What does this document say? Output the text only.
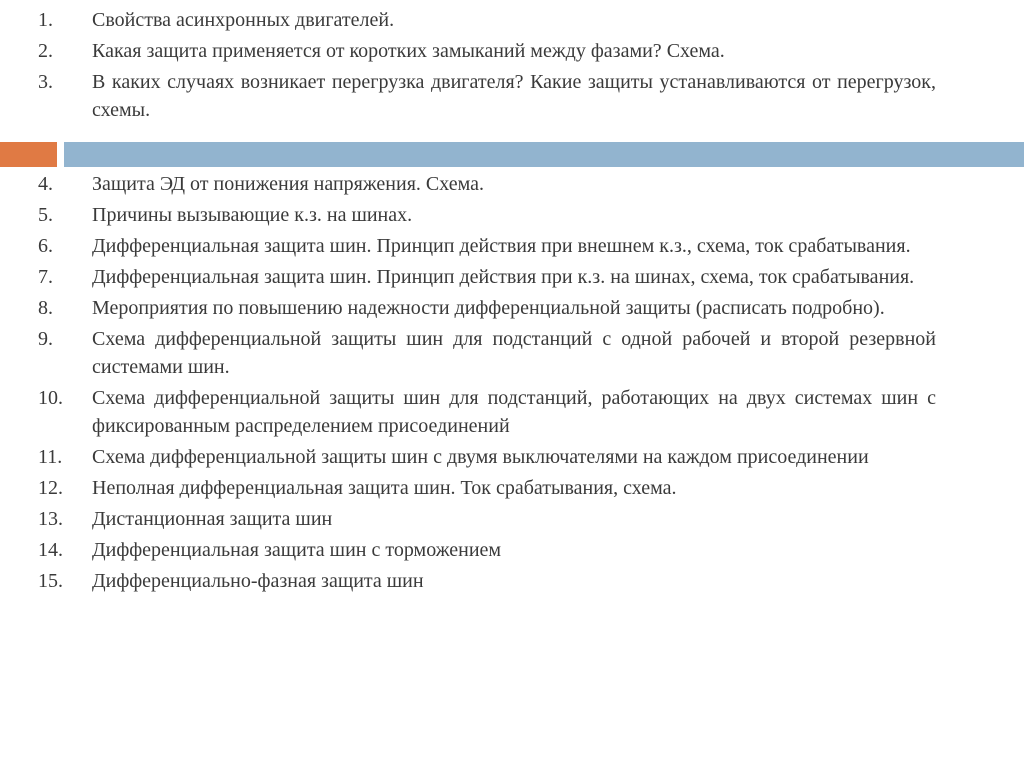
1.	Свойства асинхронных двигателей.
2.	Какая защита применяется от коротких замыканий между фазами? Схема.
3.	В каких случаях возникает перегрузка двигателя? Какие защиты устанавливаются от перегрузок, схемы.
4.	Защита ЭД от понижения напряжения. Схема.
5.	Причины вызывающие к.з. на шинах.
6.	Дифференциальная защита шин. Принцип действия при внешнем к.з., схема, ток срабатывания.
7.	Дифференциальная защита шин. Принцип действия при к.з. на шинах, схема, ток срабатывания.
8.	Мероприятия по повышению надежности дифференциальной защиты (расписать подробно).
9.	Схема дифференциальной защиты шин для подстанций с одной рабочей и второй резервной системами шин.
10.	Схема дифференциальной защиты шин для подстанций, работающих на двух системах шин с фиксированным распределением присоединений
11.	Схема дифференциальной защиты шин с двумя выключателями на каждом присоединении
12.	Неполная дифференциальная защита шин. Ток срабатывания, схема.
13.	Дистанционная защита шин
14.	Дифференциальная защита шин с торможением
15.	Дифференциально-фазная защита шин
